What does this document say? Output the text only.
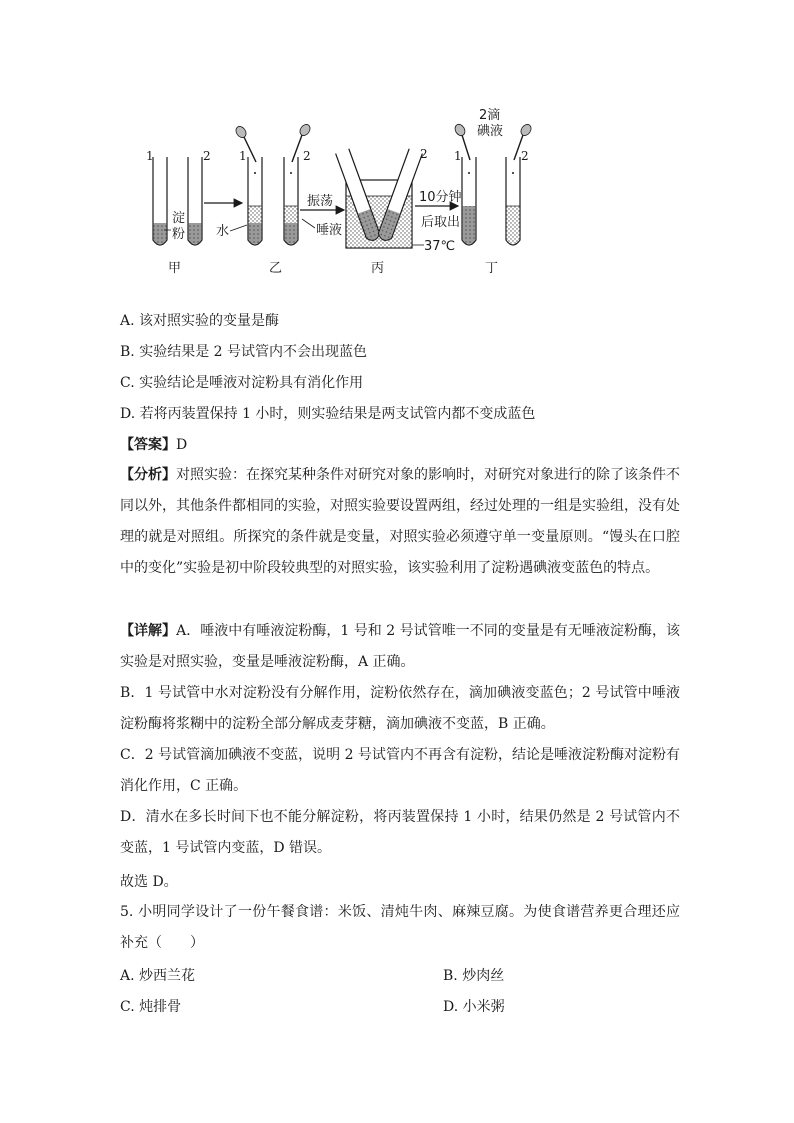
1	2
淀
粉
甲
水
1	2
乙
振荡
唾液
2
37℃
丙
10分钟
后取出
2滴
碘液
1	2
丁
A. 该对照实验的变量是酶
B. 实验结果是 2 号试管内不会出现蓝色
C. 实验结论是唾液对淀粉具有消化作用
D. 若将丙装置保持 1 小时，则实验结果是两支试管内都不变成蓝色
【答案】D
【分析】对照实验：在探究某种条件对研究对象的影响时，对研究对象进行的除了该条件不同以外，其他条件都相同的实验，对照实验要设置两组，经过处理的一组是实验组，没有处理的就是对照组。所探究的条件就是变量，对照实验必须遵守单一变量原则。“馒头在口腔中的变化”实验是初中阶段较典型的对照实验，该实验利用了淀粉遇碘液变蓝色的特点。
【详解】A．唾液中有唾液淀粉酶，1 号和 2 号试管唯一不同的变量是有无唾液淀粉酶，该实验是对照实验，变量是唾液淀粉酶，A 正确。
B．1 号试管中水对淀粉没有分解作用，淀粉依然存在，滴加碘液变蓝色；2 号试管中唾液淀粉酶将浆糊中的淀粉全部分解成麦芽糖，滴加碘液不变蓝，B 正确。
C．2 号试管滴加碘液不变蓝，说明 2 号试管内不再含有淀粉，结论是唾液淀粉酶对淀粉有消化作用，C 正确。
D．清水在多长时间下也不能分解淀粉，将丙装置保持 1 小时，结果仍然是 2 号试管内不变蓝，1 号试管内变蓝，D 错误。
故选 D。
5. 小明同学设计了一份午餐食谱：米饭、清炖牛肉、麻辣豆腐。为使食谱营养更合理还应补充（　　）
A. 炒西兰花	B. 炒肉丝
C. 炖排骨	D. 小米粥
